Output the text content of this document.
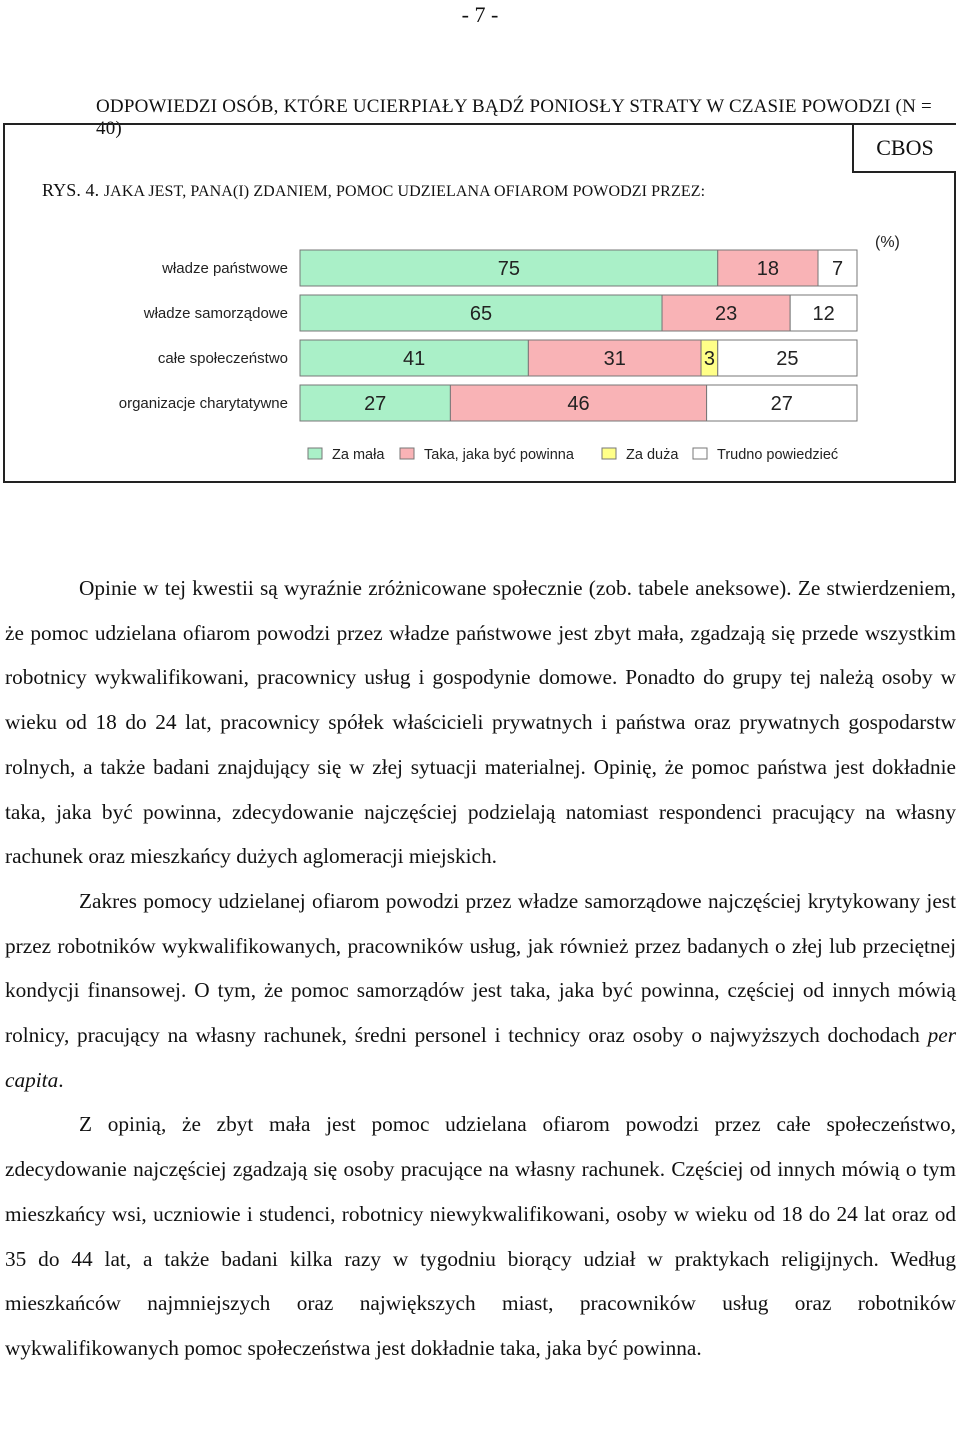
- 7 -
ODPOWIEDZI OSÓB, KTÓRE UCIERPIAŁY BĄDŹ PONIOSŁY STRATY W CZASIE POWODZI (N = 40)
CBOS
RYS. 4. JAKA JEST, PANA(I) ZDANIEM, POMOC UDZIELANA OFIAROM POWODZI PRZEZ:
(%)
władze państwowe	75	18	7
władze samorządowe	65	23	12
całe społeczeństwo	41	31	3	25
organizacje charytatywne	27	46	27
Za mała	Taka, jaka być powinna	Za duża	Trudno powiedzieć

Opinie w tej kwestii są wyraźnie zróżnicowane społecznie (zob. tabele aneksowe). Ze stwierdzeniem, że pomoc udzielana ofiarom powodzi przez władze państwowe jest zbyt mała, zgadzają się przede wszystkim robotnicy wykwalifikowani, pracownicy usług i gospodynie domowe. Ponadto do grupy tej należą osoby w wieku od 18 do 24 lat, pracownicy spółek właścicieli prywatnych i państwa oraz prywatnych gospodarstw rolnych, a także badani znajdujący się w złej sytuacji materialnej. Opinię, że pomoc państwa jest dokładnie taka, jaka być powinna, zdecydowanie najczęściej podzielają natomiast respondenci pracujący na własny rachunek oraz mieszkańcy dużych aglomeracji miejskich.

Zakres pomocy udzielanej ofiarom powodzi przez władze samorządowe najczęściej krytykowany jest przez robotników wykwalifikowanych, pracowników usług, jak również przez badanych o złej lub przeciętnej kondycji finansowej. O tym, że pomoc samorządów jest taka, jaka być powinna, częściej od innych mówią rolnicy, pracujący na własny rachunek, średni personel i technicy oraz osoby o najwyższych dochodach per capita.

Z opinią, że zbyt mała jest pomoc udzielana ofiarom powodzi przez całe społeczeństwo, zdecydowanie najczęściej zgadzają się osoby pracujące na własny rachunek. Częściej od innych mówią o tym mieszkańcy wsi, uczniowie i studenci, robotnicy niewykwalifikowani, osoby w wieku od 18 do 24 lat oraz od 35 do 44 lat, a także badani kilka razy w tygodniu biorący udział w praktykach religijnych. Według mieszkańców najmniejszych oraz największych miast, pracowników usług oraz robotników wykwalifikowanych pomoc społeczeństwa jest dokładnie taka, jaka być powinna.
